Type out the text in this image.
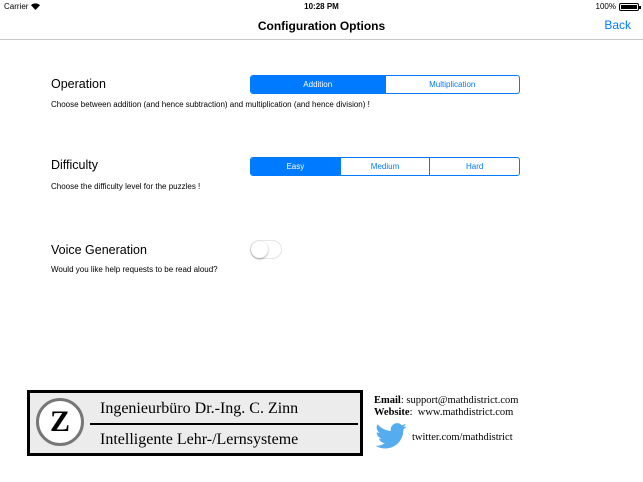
Carrier	10:28 PM	100%
Configuration Options	Back
Operation	Addition	Multiplication
Choose between addition (and hence subtraction) and multiplication (and hence division) !
Difficulty	Easy	Medium	Hard
Choose the difficulty level for the puzzles !
Voice Generation
Would you like help requests to be read aloud?
Z	Ingenieurbüro Dr.-Ing. C. Zinn
Intelligente Lehr-/Lernsysteme
Email: support@mathdistrict.com
Website:  www.mathdistrict.com
twitter.com/mathdistrict
